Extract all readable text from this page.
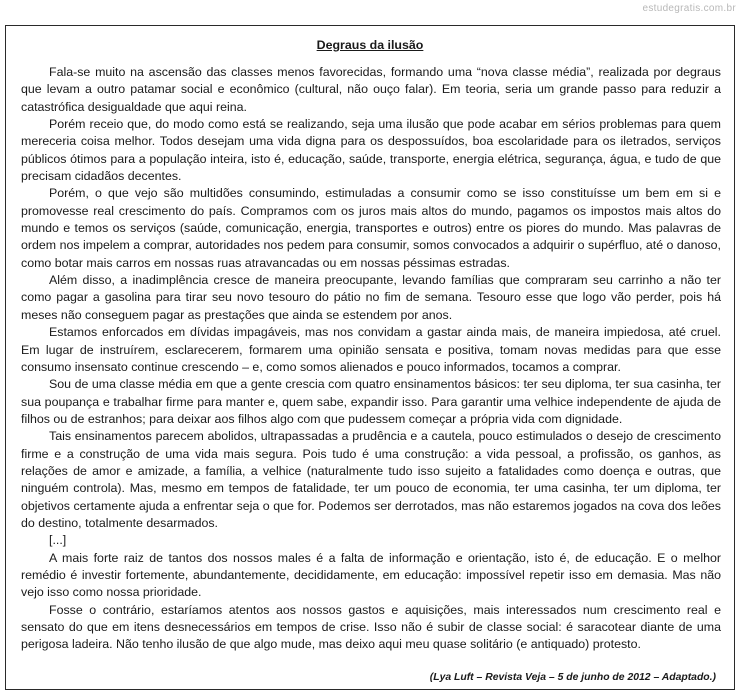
estudegratis.com.br
Degraus da ilusão

Fala-se muito na ascensão das classes menos favorecidas, formando uma “nova classe média”, realizada por degraus que levam a outro patamar social e econômico (cultural, não ouço falar). Em teoria, seria um grande passo para reduzir a catastrófica desigualdade que aqui reina.

Porém receio que, do modo como está se realizando, seja uma ilusão que pode acabar em sérios problemas para quem mereceria coisa melhor. Todos desejam uma vida digna para os despossuídos, boa escolaridade para os iletrados, serviços públicos ótimos para a população inteira, isto é, educação, saúde, transporte, energia elétrica, segurança, água, e tudo de que precisam cidadãos decentes.

Porém, o que vejo são multidões consumindo, estimuladas a consumir como se isso constituísse um bem em si e promovesse real crescimento do país. Compramos com os juros mais altos do mundo, pagamos os impostos mais altos do mundo e temos os serviços (saúde, comunicação, energia, transportes e outros) entre os piores do mundo. Mas palavras de ordem nos impelem a comprar, autoridades nos pedem para consumir, somos convocados a adquirir o supérfluo, até o danoso, como botar mais carros em nossas ruas atravancadas ou em nossas péssimas estradas.

Além disso, a inadimplência cresce de maneira preocupante, levando famílias que compraram seu carrinho a não ter como pagar a gasolina para tirar seu novo tesouro do pátio no fim de semana. Tesouro esse que logo vão perder, pois há meses não conseguem pagar as prestações que ainda se estendem por anos.

Estamos enforcados em dívidas impagáveis, mas nos convidam a gastar ainda mais, de maneira impiedosa, até cruel. Em lugar de instruírem, esclarecerem, formarem uma opinião sensata e positiva, tomam novas medidas para que esse consumo insensato continue crescendo – e, como somos alienados e pouco informados, tocamos a comprar.

Sou de uma classe média em que a gente crescia com quatro ensinamentos básicos: ter seu diploma, ter sua casinha, ter sua poupança e trabalhar firme para manter e, quem sabe, expandir isso. Para garantir uma velhice independente de ajuda de filhos ou de estranhos; para deixar aos filhos algo com que pudessem começar a própria vida com dignidade.

Tais ensinamentos parecem abolidos, ultrapassadas a prudência e a cautela, pouco estimulados o desejo de crescimento firme e a construção de uma vida mais segura. Pois tudo é uma construção: a vida pessoal, a profissão, os ganhos, as relações de amor e amizade, a família, a velhice (naturalmente tudo isso sujeito a fatalidades como doença e outras, que ninguém controla). Mas, mesmo em tempos de fatalidade, ter um pouco de economia, ter uma casinha, ter um diploma, ter objetivos certamente ajuda a enfrentar seja o que for. Podemos ser derrotados, mas não estaremos jogados na cova dos leões do destino, totalmente desarmados.

[...]

A mais forte raiz de tantos dos nossos males é a falta de informação e orientação, isto é, de educação. E o melhor remédio é investir fortemente, abundantemente, decididamente, em educação: impossível repetir isso em demasia. Mas não vejo isso como nossa prioridade.

Fosse o contrário, estaríamos atentos aos nossos gastos e aquisições, mais interessados num crescimento real e sensato do que em itens desnecessários em tempos de crise. Isso não é subir de classe social: é saracotear diante de uma perigosa ladeira. Não tenho ilusão de que algo mude, mas deixo aqui meu quase solitário (e antiquado) protesto.

(Lya Luft – Revista Veja – 5 de junho de 2012 – Adaptado.)
